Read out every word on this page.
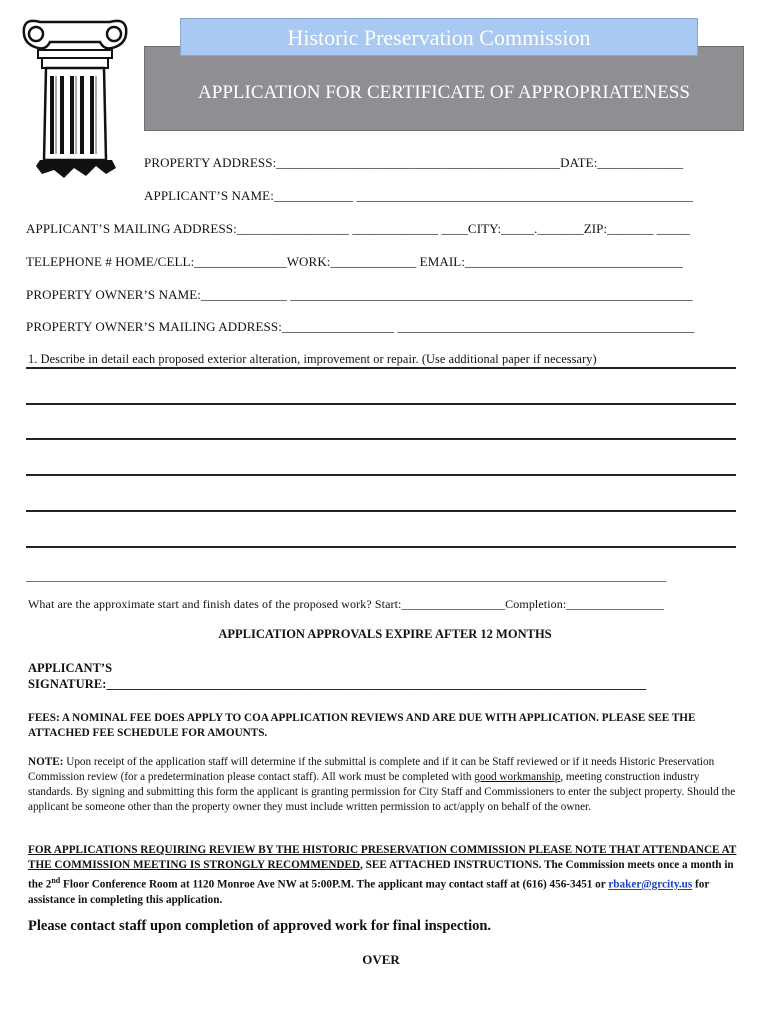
Historic Preservation Commission
APPLICATION FOR CERTIFICATE OF APPROPRIATENESS
PROPERTY ADDRESS:___________________________________________DATE:_____________
APPLICANT’S NAME:____________ ___________________________________________________
APPLICANT’S MAILING ADDRESS:_________________ _____________ ____CITY:_____._______ZIP:_______ _____
TELEPHONE # HOME/CELL:______________WORK:_____________ EMAIL:_________________________________
PROPERTY OWNER’S NAME:_____________ _____________________________________________________________
PROPERTY OWNER’S MAILING ADDRESS:_________________ _____________________________________________
1. Describe in detail each proposed exterior alteration, improvement or repair. (Use additional paper if necessary)
_________________________________________________________________________________________________________
What are the approximate start and finish dates of the proposed work? Start:_________________Completion:________________
APPLICATION APPROVALS EXPIRE AFTER 12 MONTHS
APPLICANT’S
SIGNATURE:_____________________________________________________________________________________
FEES: A NOMINAL FEE DOES APPLY TO COA APPLICATION REVIEWS AND ARE DUE WITH APPLICATION. PLEASE SEE THE ATTACHED FEE SCHEDULE FOR AMOUNTS.
NOTE: Upon receipt of the application staff will determine if the submittal is complete and if it can be Staff reviewed or if it needs Historic Preservation Commission review (for a predetermination please contact staff). All work must be completed with good workmanship, meeting construction industry standards. By signing and submitting this form the applicant is granting permission for City Staff and Commissioners to enter the subject property. Should the applicant be someone other than the property owner they must include written permission to act/apply on behalf of the owner.
FOR APPLICATIONS REQUIRING REVIEW BY THE HISTORIC PRESERVATION COMMISSION PLEASE NOTE THAT ATTENDANCE AT THE COMMISSION MEETING IS STRONGLY RECOMMENDED, SEE ATTACHED INSTRUCTIONS. The Commission meets once a month in the 2nd Floor Conference Room at 1120 Monroe Ave NW at 5:00P.M. The applicant may contact staff at (616) 456-3451 or rbaker@grcity.us for assistance in completing this application.
Please contact staff upon completion of approved work for final inspection.
OVER
